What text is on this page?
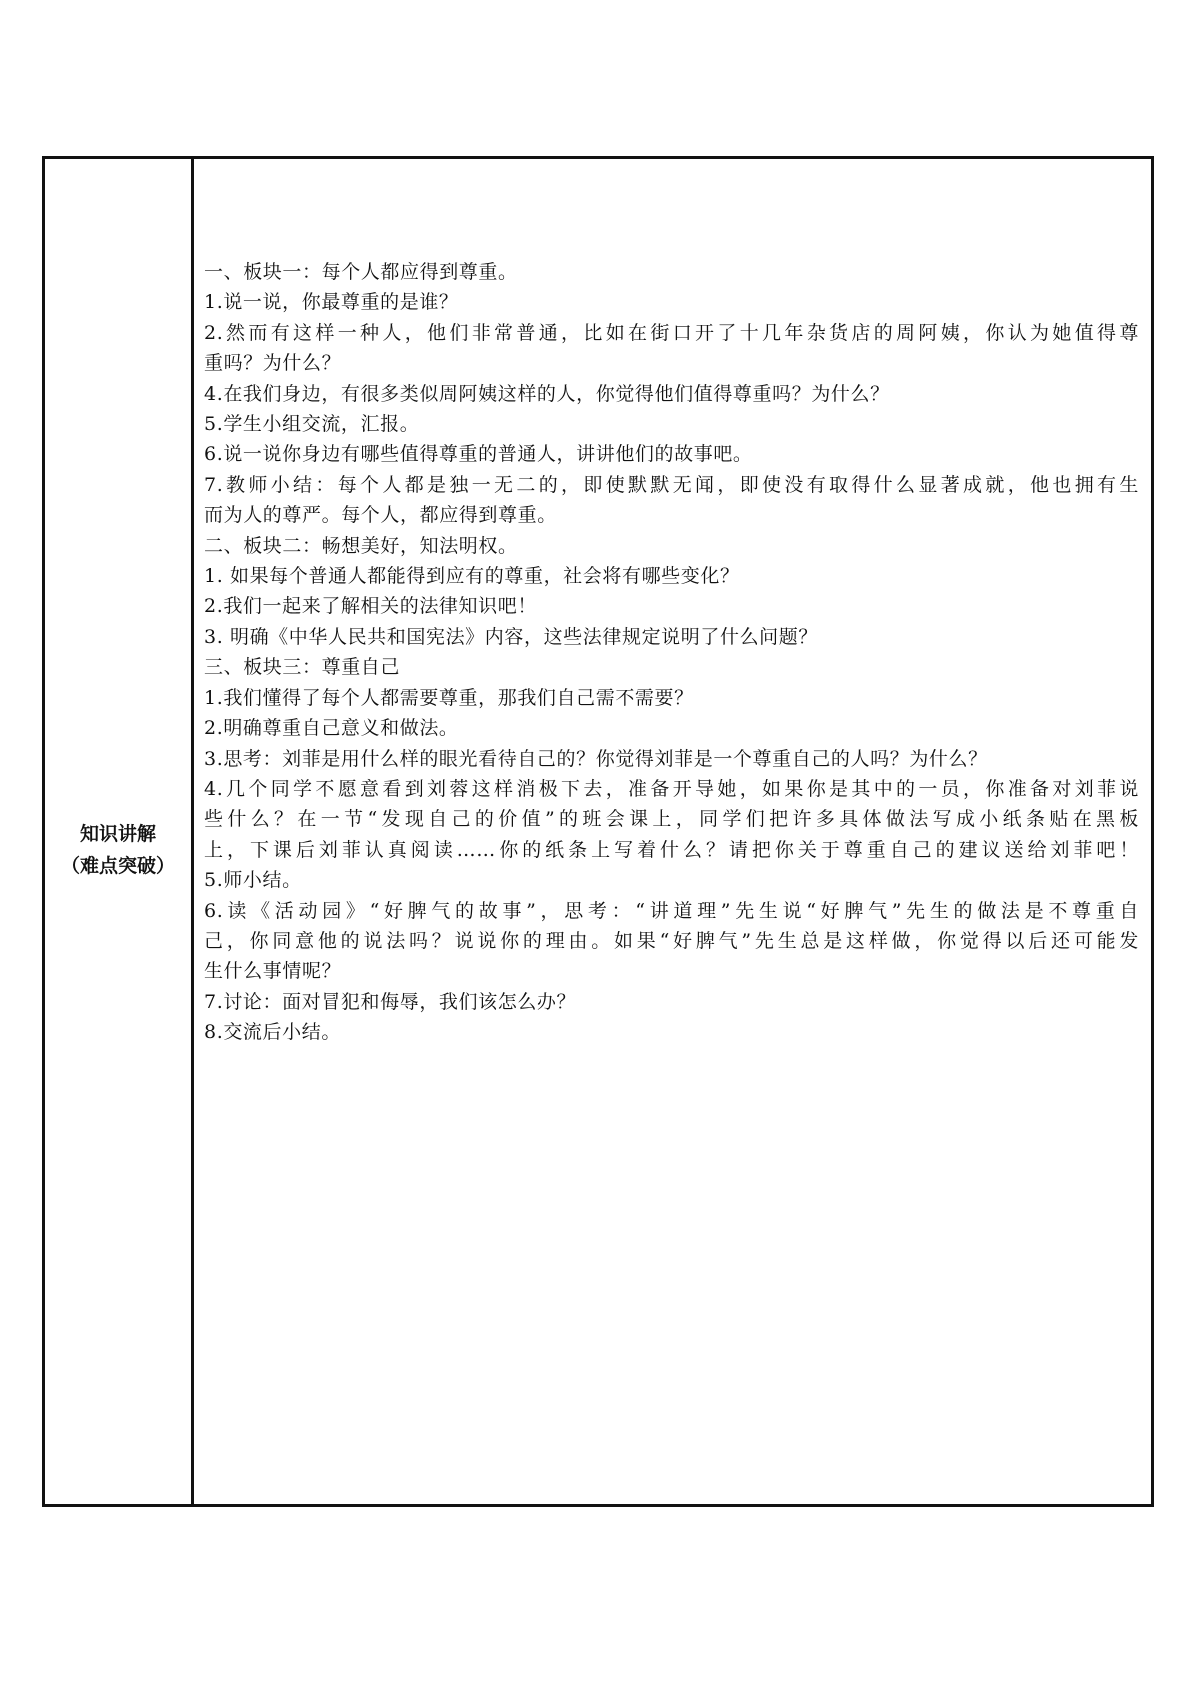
知识讲解
（难点突破）
一、板块一：每个人都应得到尊重。
1.说一说，你最尊重的是谁？
2.然而有这样一种人，他们非常普通，比如在街口开了十几年杂货店的周阿姨，你认为她值得尊
重吗？为什么？
4.在我们身边，有很多类似周阿姨这样的人，你觉得他们值得尊重吗？为什么？
5.学生小组交流，汇报。
6.说一说你身边有哪些值得尊重的普通人，讲讲他们的故事吧。
7.教师小结：每个人都是独一无二的，即使默默无闻，即使没有取得什么显著成就，他也拥有生
而为人的尊严。每个人，都应得到尊重。
二、板块二：畅想美好，知法明权。
1. 如果每个普通人都能得到应有的尊重，社会将有哪些变化？
2.我们一起来了解相关的法律知识吧！
3. 明确《中华人民共和国宪法》内容，这些法律规定说明了什么问题？
三、板块三：尊重自己
1.我们懂得了每个人都需要尊重，那我们自己需不需要？
2.明确尊重自己意义和做法。
3.思考：刘菲是用什么样的眼光看待自己的？你觉得刘菲是一个尊重自己的人吗？为什么？
4.几个同学不愿意看到刘蓉这样消极下去，准备开导她，如果你是其中的一员，你准备对刘菲说
些什么？在一节“发现自己的价值”的班会课上，同学们把许多具体做法写成小纸条贴在黑板
上，下课后刘菲认真阅读……你的纸条上写着什么？请把你关于尊重自己的建议送给刘菲吧！
5.师小结。
6.读《活动园》“好脾气的故事”，思考：“讲道理”先生说“好脾气”先生的做法是不尊重自
己，你同意他的说法吗？说说你的理由。如果“好脾气”先生总是这样做，你觉得以后还可能发
生什么事情呢？
7.讨论：面对冒犯和侮辱，我们该怎么办？
8.交流后小结。
